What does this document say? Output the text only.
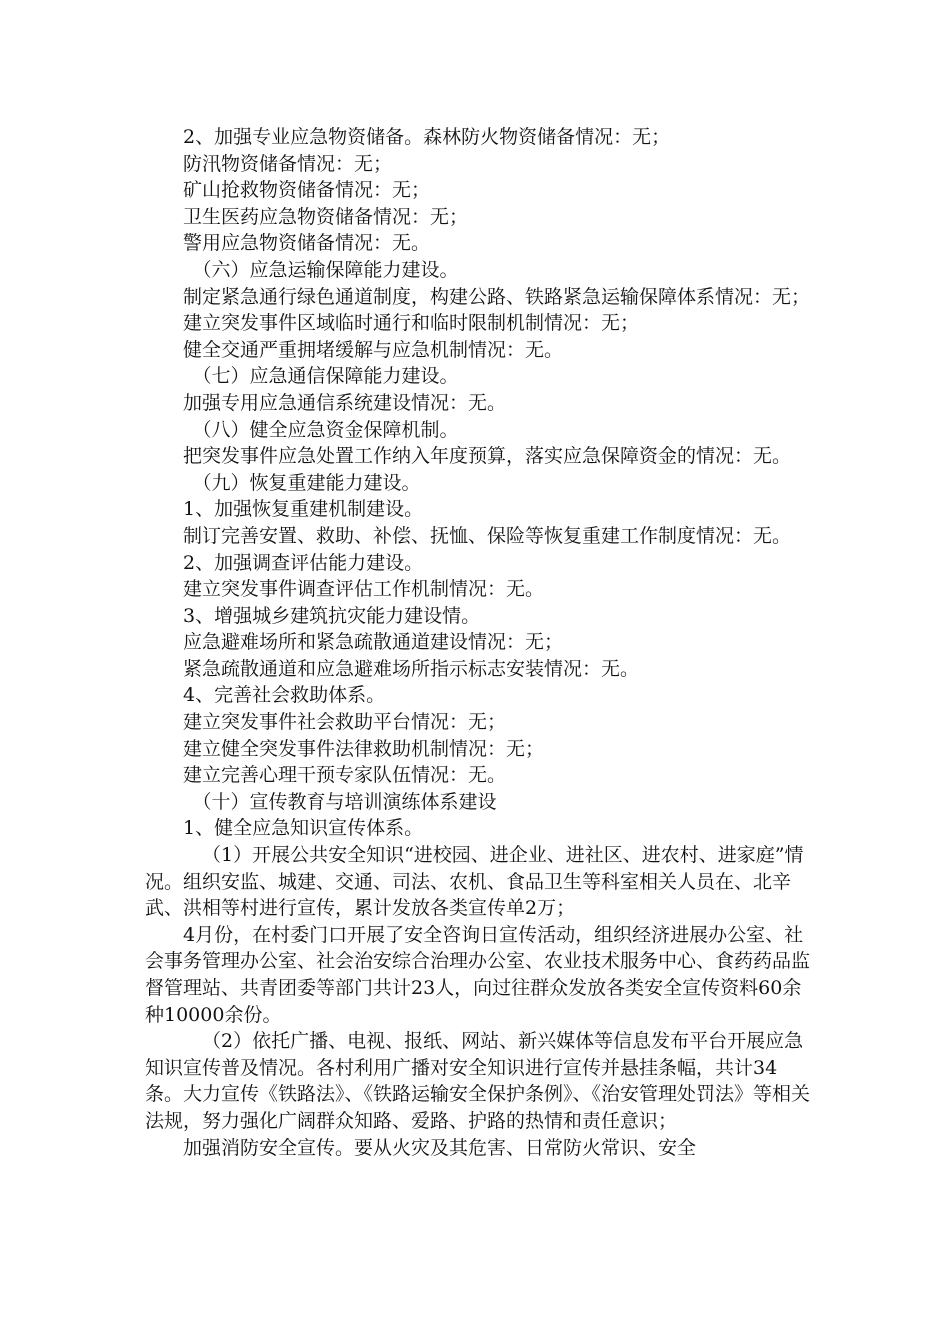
2、加强专业应急物资储备。森林防火物资储备情况：无；

防汛物资储备情况：无；

矿山抢救物资储备情况：无；

卫生医药应急物资储备情况：无；

警用应急物资储备情况：无。

（六）应急运输保障能力建设。

制定紧急通行绿色通道制度，构建公路、铁路紧急运输保障体系情况：无；

建立突发事件区域临时通行和临时限制机制情况：无；

健全交通严重拥堵缓解与应急机制情况：无。

（七）应急通信保障能力建设。

加强专用应急通信系统建设情况：无。

（八）健全应急资金保障机制。

把突发事件应急处置工作纳入年度预算，落实应急保障资金的情况：无。

（九）恢复重建能力建设。

1、加强恢复重建机制建设。

制订完善安置、救助、补偿、抚恤、保险等恢复重建工作制度情况：无。

2、加强调查评估能力建设。

建立突发事件调查评估工作机制情况：无。

3、增强城乡建筑抗灾能力建设情。

应急避难场所和紧急疏散通道建设情况：无；

紧急疏散通道和应急避难场所指示标志安装情况：无。

4、完善社会救助体系。

建立突发事件社会救助平台情况：无；

建立健全突发事件法律救助机制情况：无；

建立完善心理干预专家队伍情况：无。

（十）宣传教育与培训演练体系建设

1、健全应急知识宣传体系。

（1）开展公共安全知识“进校园、进企业、进社区、进农村、进家庭”情况。组织安监、城建、交通、司法、农机、食品卫生等科室相关人员在、北辛武、洪相等村进行宣传，累计发放各类宣传单2万；

4月份，在村委门口开展了安全咨询日宣传活动，组织经济进展办公室、社会事务管理办公室、社会治安综合治理办公室、农业技术服务中心、食药药品监督管理站、共青团委等部门共计23人，向过往群众发放各类安全宣传资料60余种10000余份。

（2）依托广播、电视、报纸、网站、新兴媒体等信息发布平台开展应急知识宣传普及情况。各村利用广播对安全知识进行宣传并悬挂条幅，共计34条。大力宣传《铁路法》、《铁路运输安全保护条例》、《治安管理处罚法》等相关法规，努力强化广阔群众知路、爱路、护路的热情和责任意识；

加强消防安全宣传。要从火灾及其危害、日常防火常识、安全
